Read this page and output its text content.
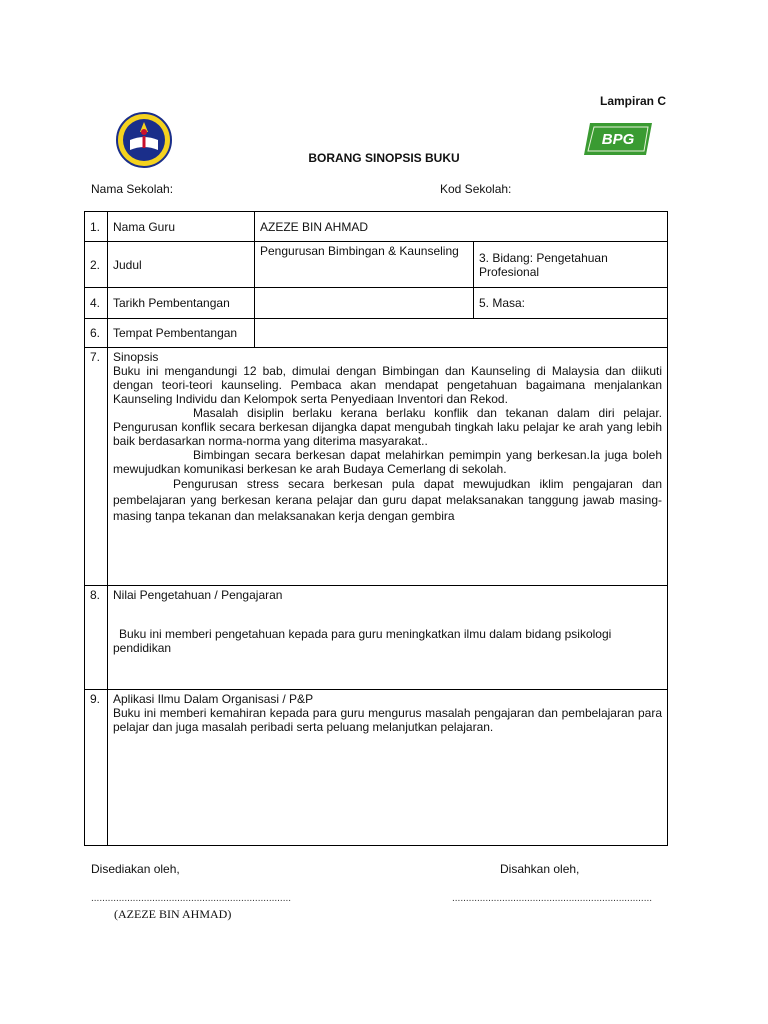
Lampiran C
BPG
BORANG SINOPSIS BUKU
Nama Sekolah:	Kod Sekolah:
1.	Nama Guru	AZEZE BIN AHMAD	
2.	Judul	Pengurusan Bimbingan & Kaunseling	3. Bidang: Pengetahuan Profesional
4.	Tarikh Pembentangan		5. Masa:
6.	Tempat Pembentangan		
7.	Sinopsis

Buku ini mengandungi 12 bab, dimulai dengan Bimbingan dan Kaunseling di Malaysia dan diikuti dengan teori-teori kaunseling. Pembaca akan mendapat pengetahuan bagaimana menjalankan Kaunseling Individu dan Kelompok serta Penyediaan Inventori dan Rekod.

Masalah disiplin berlaku kerana berlaku konflik dan tekanan dalam diri pelajar. Pengurusan konflik secara berkesan dijangka dapat mengubah tingkah laku pelajar ke arah yang lebih baik berdasarkan norma-norma yang diterima masyarakat..

Bimbingan secara berkesan dapat melahirkan pemimpin yang berkesan.Ia juga boleh mewujudkan komunikasi berkesan ke arah Budaya Cemerlang di sekolah.

Pengurusan stress secara berkesan pula dapat mewujudkan iklim pengajaran dan pembelajaran yang berkesan kerana pelajar dan guru dapat melaksanakan tanggung jawab masing-masing tanpa tekanan dan melaksanakan kerja dengan gembira		

8.	Nilai Pengetahuan / Pengajaran

Buku ini memberi pengetahuan kepada para guru meningkatkan ilmu dalam bidang psikologi pendidikan		

9.	Aplikasi Ilmu Dalam Organisasi / P&P

Buku ini memberi kemahiran kepada para guru mengurus masalah pengajaran dan pembelajaran para pelajar dan juga masalah peribadi serta peluang melanjutkan pelajaran.		

Disediakan oleh,	Disahkan oleh,
........................................................................	........................................................................
(AZEZE BIN AHMAD)
